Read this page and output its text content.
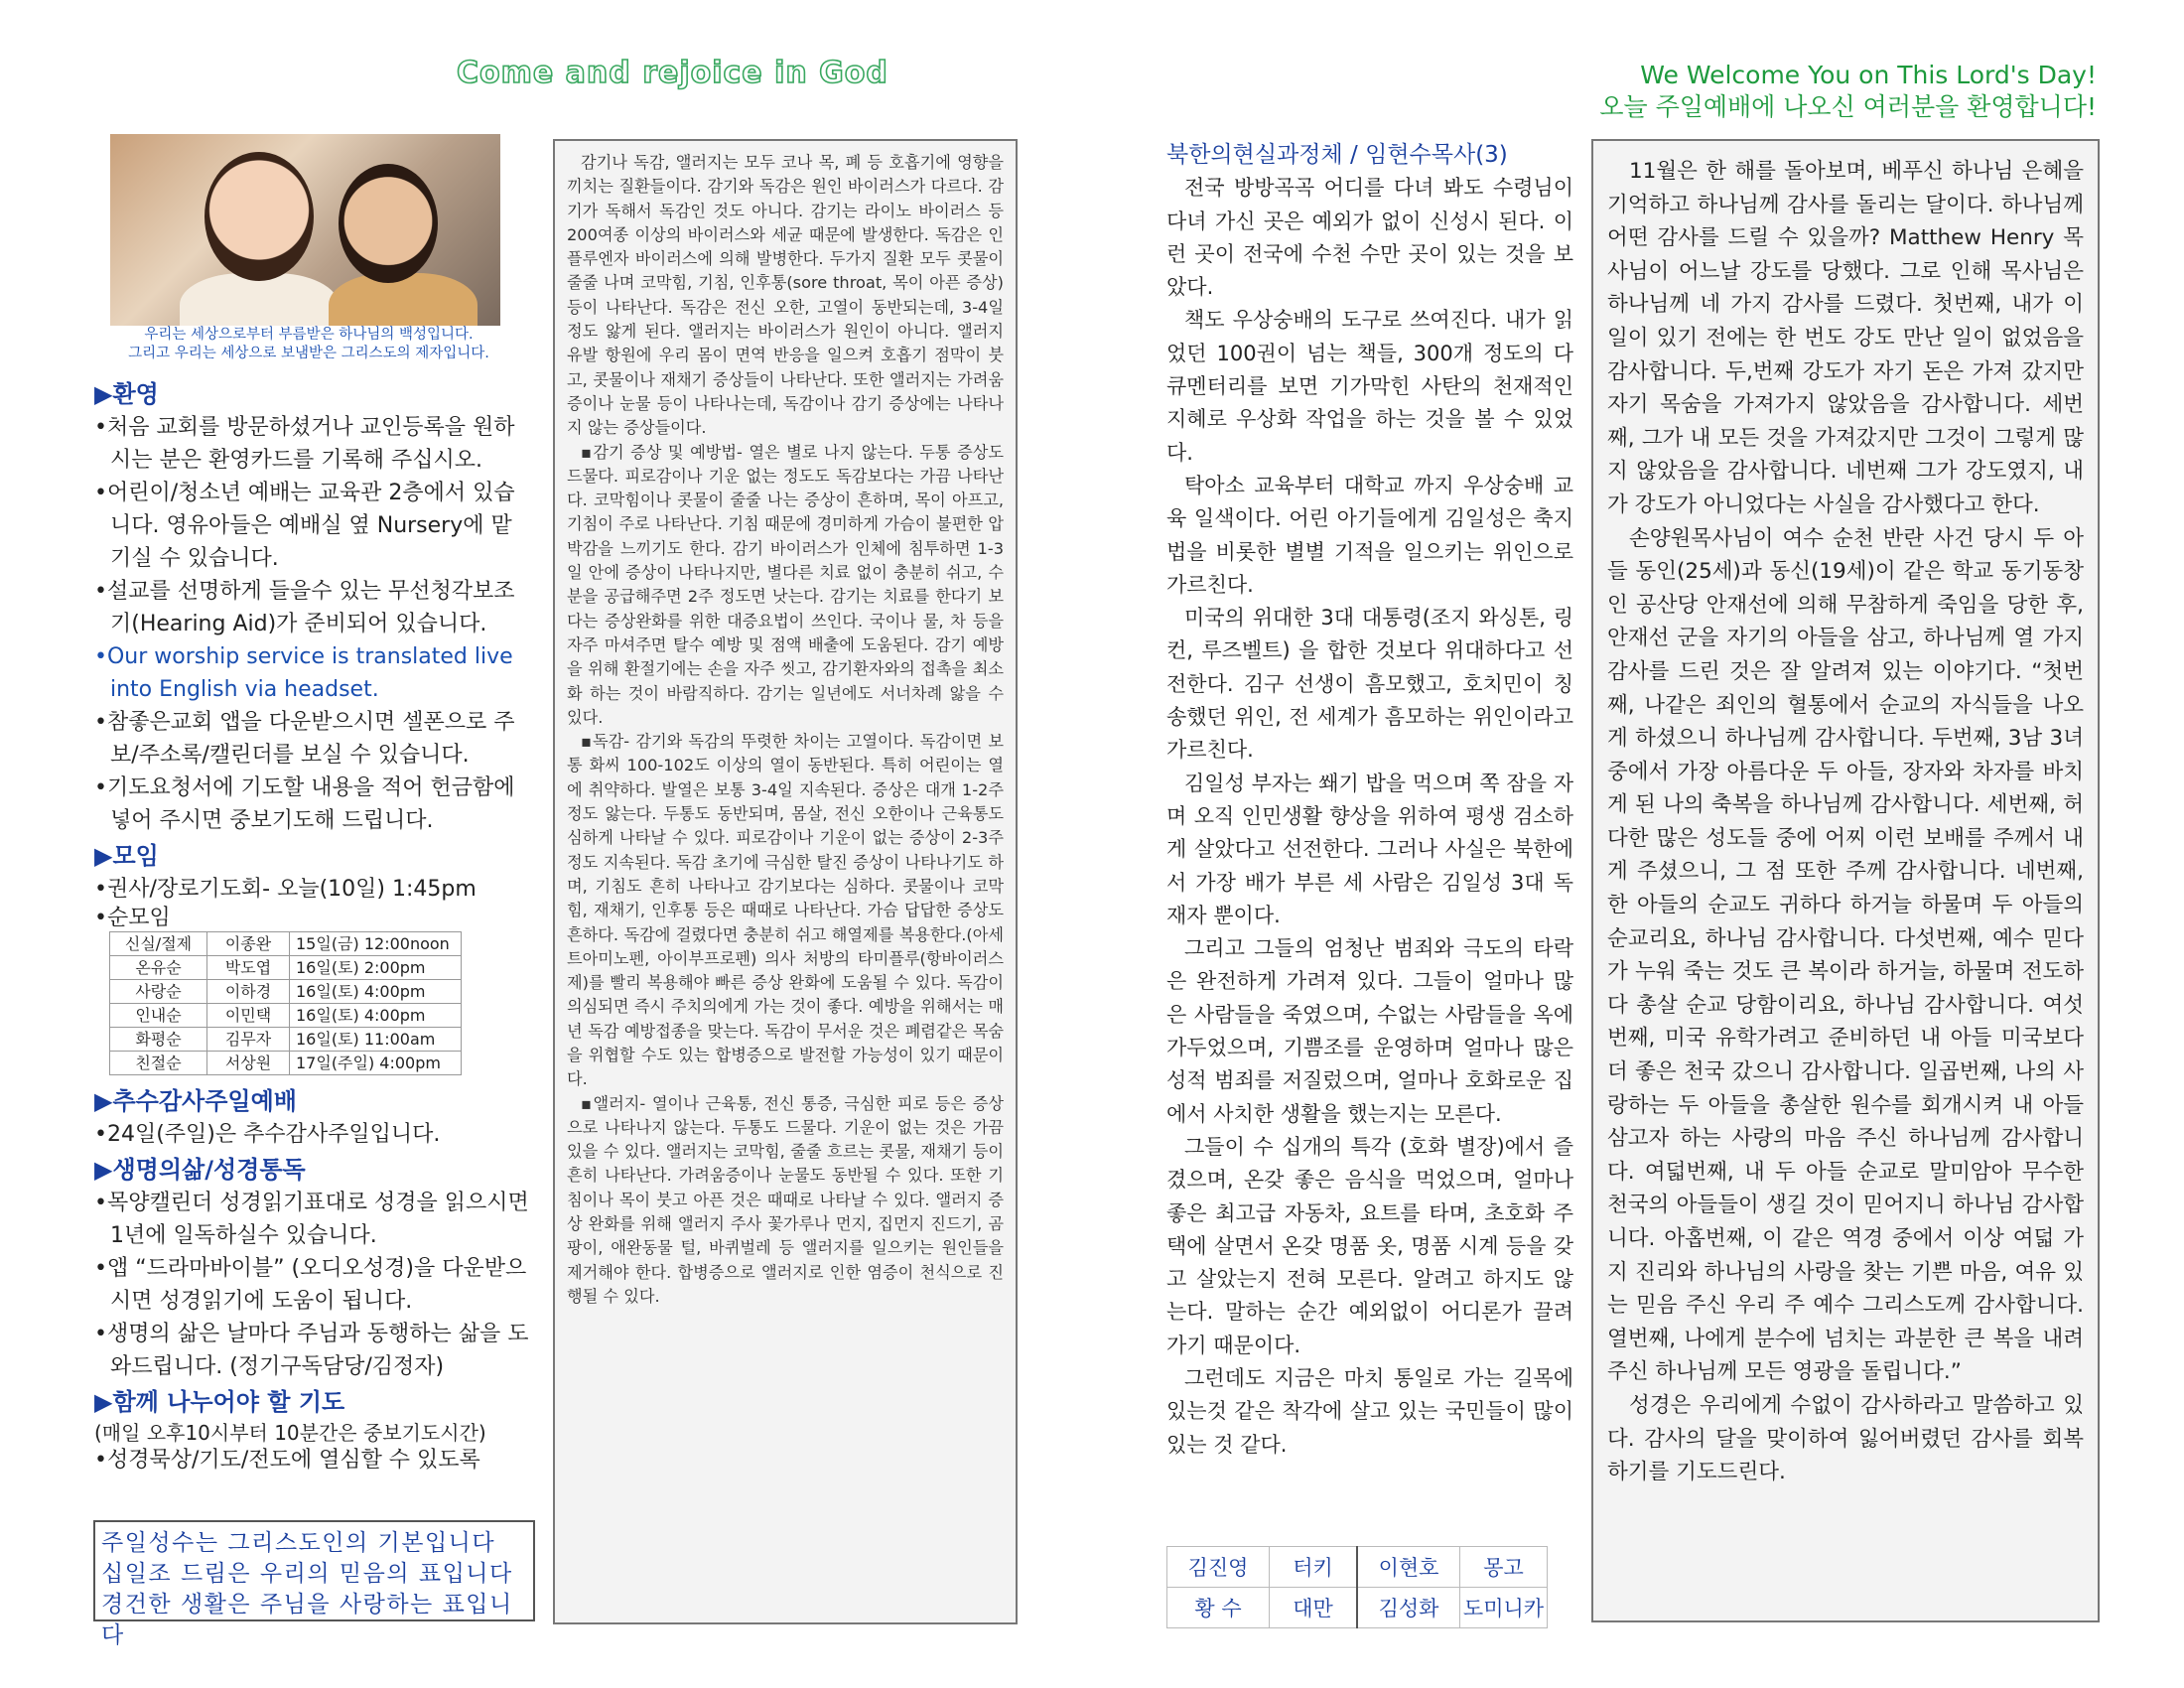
Come and rejoice in God	We Welcome You on This Lord's Day!
오늘 주일예배에 나오신 여러분을 환영합니다!
우리는 세상으로부터 부름받은 하나님의 백성입니다.
그리고 우리는 세상으로 보냄받은 그리스도의 제자입니다.
▶환영
•처음 교회를 방문하셨거나 교인등록을 원하시는 분은 환영카드를 기록해 주십시오.
•어린이/청소년 예배는 교육관 2층에서 있습니다. 영유아들은 예배실 옆 Nursery에 맡기실 수 있습니다.
•설교를 선명하게 들을수 있는 무선청각보조기(Hearing Aid)가 준비되어 있습니다.
•Our worship service is translated live into English via headset.
•참좋은교회 앱을 다운받으시면 셀폰으로 주보/주소록/캘린더를 보실 수 있습니다.
•기도요청서에 기도할 내용을 적어 헌금함에 넣어 주시면 중보기도해 드립니다.
▶모임
•권사/장로기도회- 오늘(10일) 1:45pm
•순모임
신실/절제	이종완	15일(금) 12:00noon
온유순	박도엽	16일(토) 2:00pm
사랑순	이하경	16일(토) 4:00pm
인내순	이민택	16일(토) 4:00pm
화평순	김무자	16일(토) 11:00am
친절순	서상원	17일(주일) 4:00pm
▶추수감사주일예배
•24일(주일)은 추수감사주일입니다.
▶생명의삶/성경통독
•목양캘린더 성경읽기표대로 성경을 읽으시면 1년에 일독하실수 있습니다.
•앱 “드라마바이블” (오디오성경)을 다운받으시면 성경읽기에 도움이 됩니다.
•생명의 삶은 날마다 주님과 동행하는 삶을 도와드립니다. (정기구독담당/김정자)
▶함께 나누어야 할 기도
(매일 오후10시부터 10분간은 중보기도시간)
•성경묵상/기도/전도에 열심할 수 있도록
주일성수는 그리스도인의 기본입니다
십일조 드림은 우리의 믿음의 표입니다
경건한 생활은 주님을 사랑하는 표입니다

감기나 독감, 앨러지는 모두 코나 목, 폐 등 호흡기에 영향을 끼치는 질환들이다. 감기와 독감은 원인 바이러스가 다르다. 감기가 독해서 독감인 것도 아니다. 감기는 라이노 바이러스 등 200여종 이상의 바이러스와 세균 때문에 발생한다. 독감은 인플루엔자 바이러스에 의해 발병한다. 두가지 질환 모두 콧물이 줄줄 나며 코막힘, 기침, 인후통(sore throat, 목이 아픈 증상) 등이 나타난다. 독감은 전신 오한, 고열이 동반되는데, 3-4일 정도 앓게 된다. 앨러지는 바이러스가 원인이 아니다. 앨러지 유발 항원에 우리 몸이 면역 반응을 일으켜 호흡기 점막이 붓고, 콧물이나 재채기 증상들이 나타난다. 또한 앨러지는 가려움증이나 눈물 등이 나타나는데, 독감이나 감기 증상에는 나타나지 않는 증상들이다.

▪감기 증상 및 예방법- 열은 별로 나지 않는다. 두통 증상도 드물다. 피로감이나 기운 없는 정도도 독감보다는 가끔 나타난다. 코막힘이나 콧물이 줄줄 나는 증상이 흔하며, 목이 아프고, 기침이 주로 나타난다. 기침 때문에 경미하게 가슴이 불편한 압박감을 느끼기도 한다. 감기 바이러스가 인체에 침투하면 1-3일 안에 증상이 나타나지만, 별다른 치료 없이 충분히 쉬고, 수분을 공급해주면 2주 정도면 낫는다. 감기는 치료를 한다기 보다는 증상완화를 위한 대증요법이 쓰인다. 국이나 물, 차 등을 자주 마셔주면 탈수 예방 및 점액 배출에 도움된다. 감기 예방을 위해 환절기에는 손을 자주 씻고, 감기환자와의 접촉을 최소화 하는 것이 바람직하다. 감기는 일년에도 서너차례 앓을 수 있다.

▪독감- 감기와 독감의 뚜렷한 차이는 고열이다. 독감이면 보통 화씨 100-102도 이상의 열이 동반된다. 특히 어린이는 열에 취약하다. 발열은 보통 3-4일 지속된다. 증상은 대개 1-2주 정도 앓는다. 두통도 동반되며, 몸살, 전신 오한이나 근육통도 심하게 나타날 수 있다. 피로감이나 기운이 없는 증상이 2-3주 정도 지속된다. 독감 초기에 극심한 탈진 증상이 나타나기도 하며, 기침도 흔히 나타나고 감기보다는 심하다. 콧물이나 코막힘, 재채기, 인후통 등은 때때로 나타난다. 가슴 답답한 증상도 흔하다. 독감에 걸렸다면 충분히 쉬고 해열제를 복용한다.(아세트아미노펜, 아이부프로펜) 의사 처방의 타미플루(항바이러스제)를 빨리 복용해야 빠른 증상 완화에 도움될 수 있다. 독감이 의심되면 즉시 주치의에게 가는 것이 좋다. 예방을 위해서는 매년 독감 예방접종을 맞는다. 독감이 무서운 것은 폐렴같은 목숨을 위협할 수도 있는 합병증으로 발전할 가능성이 있기 때문이다.

▪앨러지- 열이나 근육통, 전신 통증, 극심한 피로 등은 증상으로 나타나지 않는다. 두통도 드물다. 기운이 없는 것은 가끔 있을 수 있다. 앨러지는 코막힘, 줄줄 흐르는 콧물, 재채기 등이 흔히 나타난다. 가려움증이나 눈물도 동반될 수 있다. 또한 기침이나 목이 붓고 아픈 것은 때때로 나타날 수 있다. 앨러지 증상 완화를 위해 앨러지 주사 꽃가루나 먼지, 집먼지 진드기, 곰팡이, 애완동물 털, 바퀴벌레 등 앨러지를 일으키는 원인들을 제거해야 한다. 합병증으로 앨러지로 인한 염증이 천식으로 진행될 수 있다.

북한의현실과정체 / 임현수목사(3)

전국 방방곡곡 어디를 다녀 봐도 수령님이 다녀 가신 곳은 예외가 없이 신성시 된다. 이런 곳이 전국에 수천 수만 곳이 있는 것을 보았다.

책도 우상숭배의 도구로 쓰여진다. 내가 읽었던 100권이 넘는 책들, 300개 정도의 다큐멘터리를 보면 기가막힌 사탄의 천재적인 지혜로 우상화 작업을 하는 것을 볼 수 있었다.

탁아소 교육부터 대학교 까지 우상숭배 교육 일색이다. 어린 아기들에게 김일성은 축지법을 비롯한 별별 기적을 일으키는 위인으로 가르친다.

미국의 위대한 3대 대통령(조지 와싱톤, 링컨, 루즈벨트) 을 합한 것보다 위대하다고 선전한다. 김구 선생이 흠모했고, 호치민이 칭송했던 위인, 전 세계가 흠모하는 위인이라고 가르친다.

김일성 부자는 쐐기 밥을 먹으며 쪽 잠을 자며 오직 인민생활 향상을 위하여 평생 검소하게 살았다고 선전한다. 그러나 사실은 북한에서 가장 배가 부른 세 사람은 김일성 3대 독재자 뿐이다.

그리고 그들의 엄청난 범죄와 극도의 타락은 완전하게 가려져 있다. 그들이 얼마나 많은 사람들을 죽였으며, 수없는 사람들을 옥에 가두었으며, 기쁨조를 운영하며 얼마나 많은 성적 범죄를 저질렀으며, 얼마나 호화로운 집에서 사치한 생활을 했는지는 모른다.

그들이 수 십개의 특각 (호화 별장)에서 즐겼으며, 온갖 좋은 음식을 먹었으며, 얼마나 좋은 최고급 자동차, 요트를 타며, 초호화 주택에 살면서 온갖 명품 옷, 명품 시계 등을 갖고 살았는지 전혀 모른다. 알려고 하지도 않는다. 말하는 순간 예외없이 어디론가 끌려 가기 때문이다.

그런데도 지금은 마치 통일로 가는 길목에있는것 같은 착각에 살고 있는 국민들이 많이 있는 것 같다.

김진영	터키	이현호	몽고
황 수	대만	김성화	도미니카

11월은 한 해를 돌아보며, 베푸신 하나님 은혜을 기억하고 하나님께 감사를 돌리는 달이다. 하나님께 어떤 감사를 드릴 수 있을까? Matthew Henry 목사님이 어느날 강도를 당했다. 그로 인해 목사님은 하나님께 네 가지 감사를 드렸다. 첫번째, 내가 이 일이 있기 전에는 한 번도 강도 만난 일이 없었음을 감사합니다. 두,번째 강도가 자기 돈은 가져 갔지만 자기 목숨을 가져가지 않았음을 감사합니다. 세번째, 그가 내 모든 것을 가져갔지만 그것이 그렇게 많지 않았음을 감사합니다. 네번째 그가 강도였지, 내가 강도가 아니었다는 사실을 감사했다고 한다.

손양원목사님이 여수 순천 반란 사건 당시 두 아들 동인(25세)과 동신(19세)이 같은 학교 동기동창인 공산당 안재선에 의해 무참하게 죽임을 당한 후, 안재선 군을 자기의 아들을 삼고, 하나님께 열 가지 감사를 드린 것은 잘 알려져 있는 이야기다. “첫번째, 나같은 죄인의 혈통에서 순교의 자식들을 나오게 하셨으니 하나님께 감사합니다. 두번째, 3남 3녀 중에서 가장 아름다운 두 아들, 장자와 차자를 바치게 된 나의 축복을 하나님께 감사합니다. 세번째, 허다한 많은 성도들 중에 어찌 이런 보배를 주께서 내게 주셨으니, 그 점 또한 주께 감사합니다. 네번째, 한 아들의 순교도 귀하다 하거늘 하물며 두 아들의 순교리요, 하나님 감사합니다. 다섯번째, 예수 믿다가 누워 죽는 것도 큰 복이라 하거늘, 하물며 전도하다 총살 순교 당함이리요, 하나님 감사합니다. 여섯번째, 미국 유학가려고 준비하던 내 아들 미국보다 더 좋은 천국 갔으니 감사합니다. 일곱번째, 나의 사랑하는 두 아들을 총살한 원수를 회개시켜 내 아들 삼고자 하는 사랑의 마음 주신 하나님께 감사합니다. 여덟번째, 내 두 아들 순교로 말미암아 무수한 천국의 아들들이 생길 것이 믿어지니 하나님 감사합니다. 아홉번째, 이 같은 역경 중에서 이상 여덟 가지 진리와 하나님의 사랑을 찾는 기쁜 마음, 여유 있는 믿음 주신 우리 주 예수 그리스도께 감사합니다. 열번째, 나에게 분수에 넘치는 과분한 큰 복을 내려 주신 하나님께 모든 영광을 돌립니다.”

성경은 우리에게 수없이 감사하라고 말씀하고 있다. 감사의 달을 맞이하여 잃어버렸던 감사를 회복하기를 기도드린다.
